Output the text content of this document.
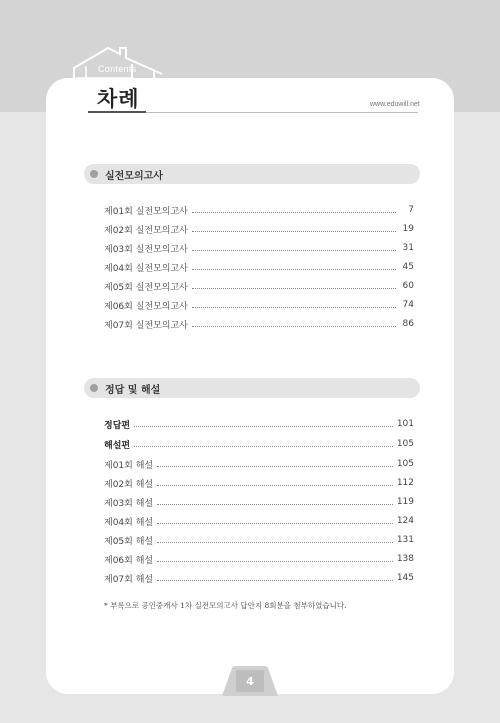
Contents
차례	www.eduwill.net
실전모의고사
제01회 실전모의고사	7
제02회 실전모의고사	19
제03회 실전모의고사	31
제04회 실전모의고사	45
제05회 실전모의고사	60
제06회 실전모의고사	74
제07회 실전모의고사	86
정답 및 해설
정답편	101
해설편	105
제01회 해설	105
제02회 해설	112
제03회 해설	119
제04회 해설	124
제05회 해설	131
제06회 해설	138
제07회 해설	145
* 부록으로 공인중개사 1차 실전모의고사 답안지 8회분을 첨부하였습니다.
4
